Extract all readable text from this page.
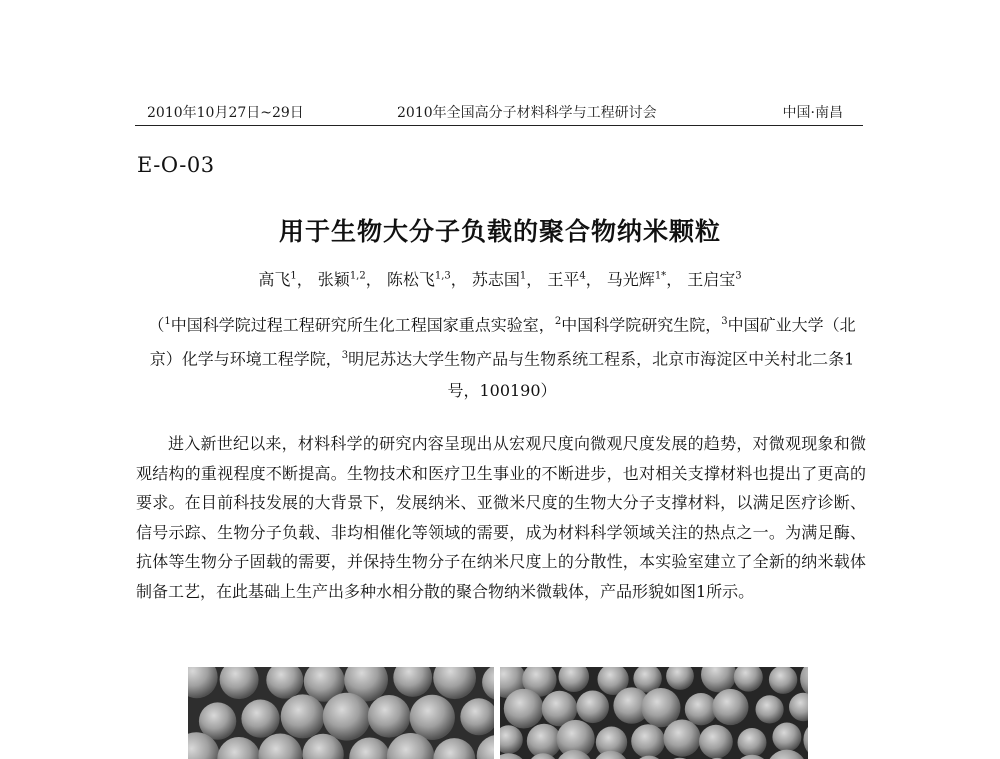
2010年10月27日~29日	2010年全国高分子材料科学与工程研讨会	中国·南昌
E-O-03
用于生物大分子负载的聚合物纳米颗粒
高飞$^1$， 张颖$^{1,2}$， 陈松飞$^{1,3}$， 苏志国$^1$， 王平$^4$， 马光辉$^{1*}$， 王启宝$^3$
（$^1$中国科学院过程工程研究所生化工程国家重点实验室，$^2$中国科学院研究生院，$^3$中国矿业大学（北京）化学与环境工程学院，$^3$明尼苏达大学生物产品与生物系统工程系，北京市海淀区中关村北二条1号，100190）
进入新世纪以来，材料科学的研究内容呈现出从宏观尺度向微观尺度发展的趋势，对微观现象和微观结构的重视程度不断提高。生物技术和医疗卫生事业的不断进步，也对相关支撑材料也提出了更高的要求。在目前科技发展的大背景下，发展纳米、亚微米尺度的生物大分子支撑材料，以满足医疗诊断、信号示踪、生物分子负载、非均相催化等领域的需要，成为材料科学领域关注的热点之一。为满足酶、抗体等生物分子固载的需要，并保持生物分子在纳米尺度上的分散性，本实验室建立了全新的纳米载体制备工艺，在此基础上生产出多种水相分散的聚合物纳米微载体，产品形貌如图1所示。
